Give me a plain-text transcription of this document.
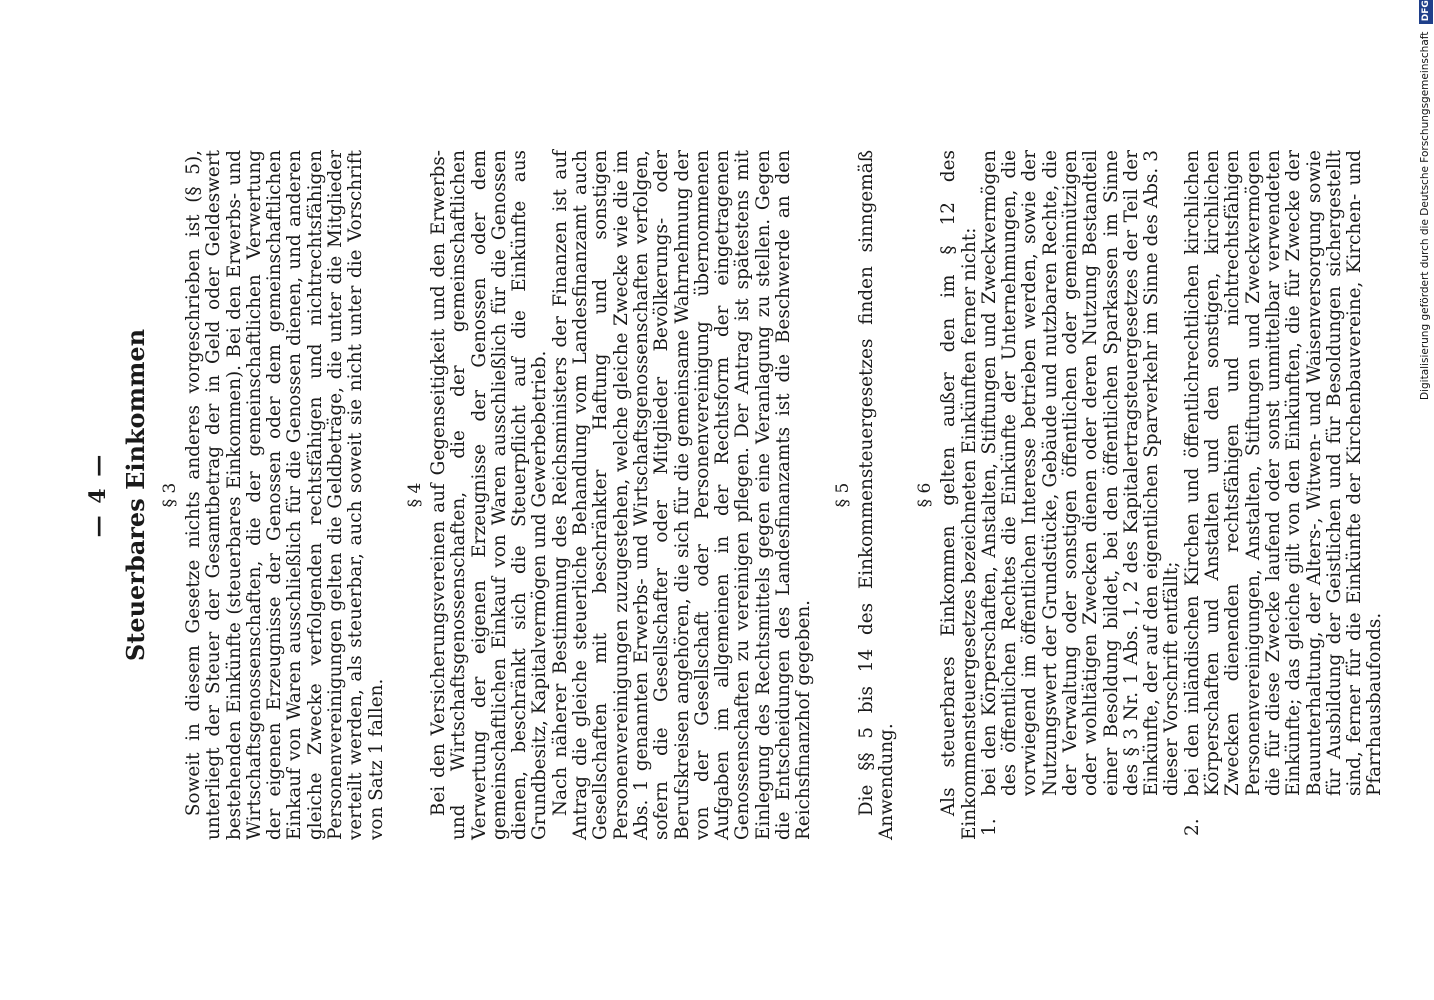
— 4 — Steuerbares Einkommen § 3 Soweit in diesem Gesetze nichts anderes vorgeschrieben ist (§ 5), unterliegt der Steuer der Gesamtbetrag der in Geld oder Geldeswert bestehenden Einkünfte (steuerbares Einkommen). Bei den Erwerbs- und Wirtschaftsgenossenschaften, die der gemeinschaftlichen Verwertung der eigenen Erzeugnisse der Genossen oder dem gemeinschaftlichen Einkauf von Waren ausschließlich für die Genossen dienen, und anderen gleiche Zwecke verfolgenden rechtsfähigen und nichtrechtsfähigen Personenvereinigungen gelten die Geldbeträge, die unter die Mitglieder verteilt werden, als steuerbar, auch soweit sie nicht unter die Vorschrift von Satz 1 fallen.

§ 4 Bei den Versicherungsvereinen auf Gegenseitigkeit und den Erwerbs- und Wirtschaftsgenossenschaften, die der gemeinschaftlichen Verwertung der eigenen Erzeugnisse der Genossen oder dem gemeinschaftlichen Einkauf von Waren ausschließlich für die Genossen dienen, beschränkt sich die Steuerpflicht auf die Einkünfte aus Grundbesitz, Kapitalvermögen und Gewerbebetrieb. Nach näherer Bestimmung des Reichsministers der Finanzen ist auf Antrag die gleiche steuerliche Behandlung vom Landesfinanzamt auch Gesellschaften mit beschränkter Haftung und sonstigen Personenvereinigungen zuzugestehen, welche gleiche Zwecke wie die im Abs. 1 genannten Erwerbs- und Wirtschaftsgenossenschaften verfolgen, sofern die Gesellschafter oder Mitglieder Bevölkerungs- oder Berufskreisen angehören, die sich für die gemeinsame Wahrnehmung der von der Gesellschaft oder Personenvereinigung übernommenen Aufgaben im allgemeinen in der Rechtsform der eingetragenen Genossenschaften zu vereinigen pflegen. Der Antrag ist spätestens mit Einlegung des Rechtsmittels gegen eine Veranlagung zu stellen. Gegen die Entscheidungen des Landesfinanzamts ist die Beschwerde an den Reichsfinanzhof gegeben.

§ 5 Die §§ 5 bis 14 des Einkommensteuergesetzes finden sinngemäß Anwendung.

§ 6 Als steuerbares Einkommen gelten außer den im § 12 des Einkommensteuergesetzes bezeichneten Einkünften ferner nicht: 1.
bei den Körperschaften, Anstalten, Stiftungen und Zweckvermögen des öffentlichen Rechtes die Einkünfte der Unternehmungen, die vorwiegend im öffentlichen Interesse betrieben werden, sowie der Nutzungswert der Grundstücke, Gebäude und nutzbaren Rechte, die der Verwaltung oder sonstigen öffentlichen oder gemeinnützigen oder wohltätigen Zwecken dienen oder deren Nutzung Bestandteil einer Besoldung bildet, bei den öffentlichen Sparkassen im Sinne des § 3 Nr. 1 Abs. 1, 2 des Kapitalertragsteuergesetzes der Teil der Einkünfte, der auf den eigentlichen Sparverkehr im Sinne des Abs. 3 dieser Vorschrift entfällt;
2.
bei den inländischen Kirchen und öffentlichrechtlichen kirchlichen Körperschaften und Anstalten und den sonstigen, kirchlichen Zwecken dienenden rechtsfähigen und nichtrechtsfähigen Personenvereinigungen, Anstalten, Stiftungen und Zweckvermögen die für diese Zwecke laufend oder sonst unmittelbar verwendeten Einkünfte; das gleiche gilt von den Einkünften, die für Zwecke der Bauunterhaltung, der Alters-, Witwen- und Waisenversorgung sowie für Ausbildung der Geistlichen und für Besoldungen sichergestellt sind, ferner für die Einkünfte der Kirchenbauvereine, Kirchen- und Pfarrhausbaufonds.
Digitalisierung gefördert durch die Deutsche Forschungsgemeinschaft DFG
